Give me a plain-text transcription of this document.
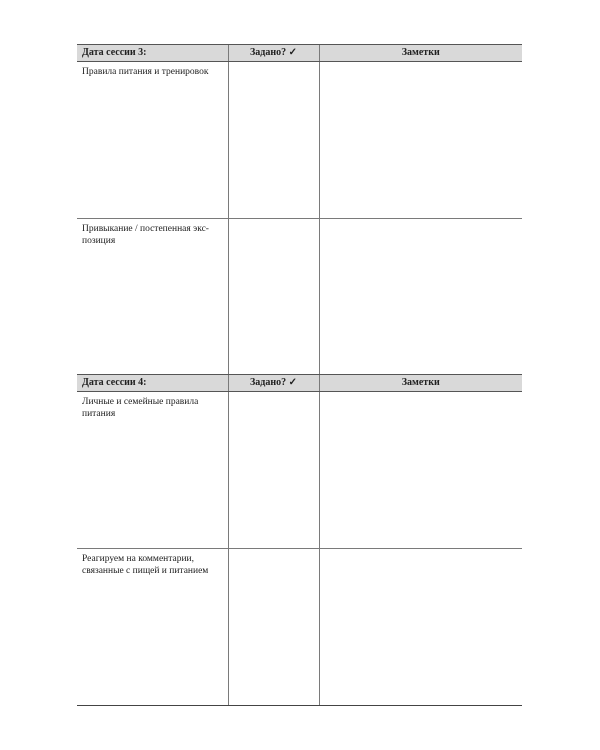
Дата сессии 3:	Задано? ✓	Заметки
Правила питания и тренировок		
Привыкание / постепенная экспозиция		
Дата сессии 4:	Задано? ✓	Заметки
Личные и семейные правила питания		
Реагируем на комментарии, связанные с пищей и питанием		
